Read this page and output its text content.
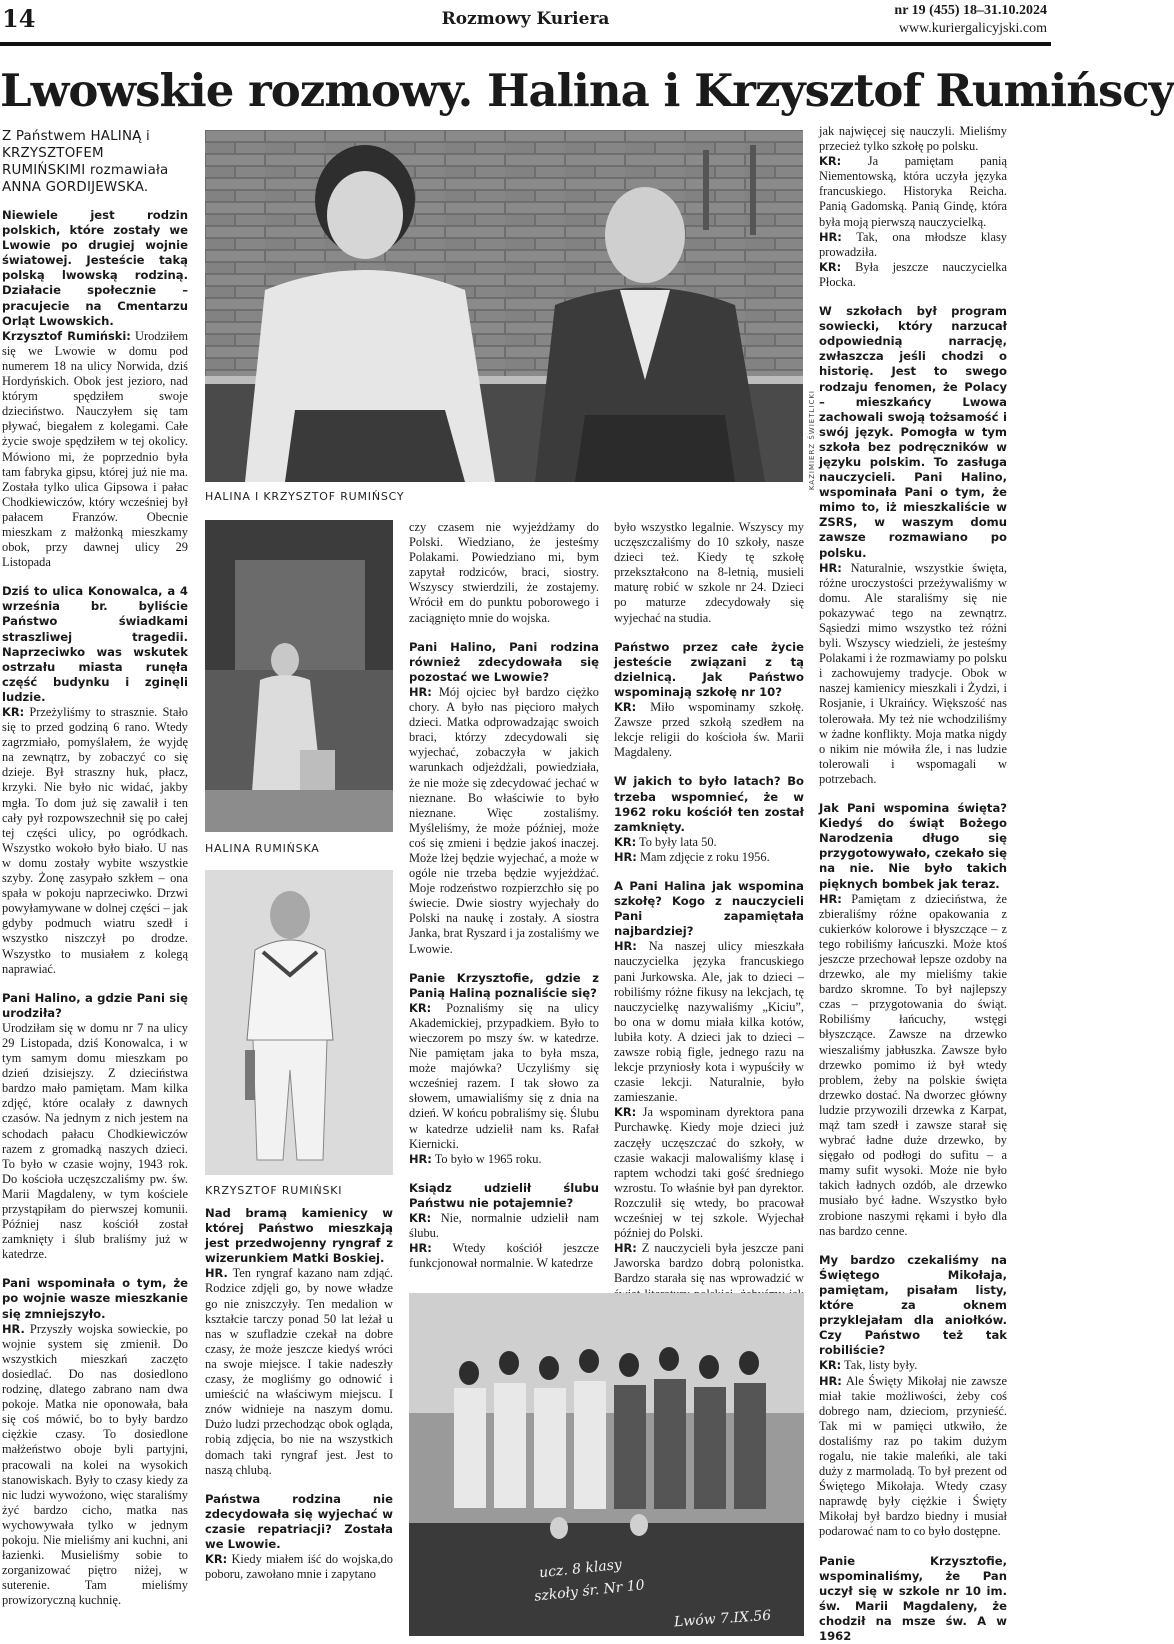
14	Rozmowy Kuriera	nr 19 (455) 18–31.10.2024
www.kuriergalicyjski.com
Lwowskie rozmowy. Halina i Krzysztof Rumińscy
Z Państwem HALINĄ i KRZYSZTOFEM RUMIŃSKIMI rozmawiała ANNA GORDIJEWSKA.

Niewiele jest rodzin polskich, które zostały we Lwowie po drugiej wojnie światowej. Jesteście taką polską lwowską rodziną. Działacie społecznie – pracujecie na Cmentarzu Orląt Lwowskich.

Krzysztof Rumiński: Urodziłem się we Lwowie w domu pod numerem 18 na ulicy Norwida, dziś Hordyńskich. Obok jest jezioro, nad którym spędziłem swoje dzieciństwo. Nauczyłem się tam pływać, biegałem z kolegami. Całe życie swoje spędziłem w tej okolicy. Mówiono mi, że poprzednio była tam fabryka gipsu, której już nie ma. Została tylko ulica Gipsowa i pałac Chodkiewiczów, który wcześniej był pałacem Franzów. Obecnie mieszkam z małżonką mieszkamy obok, przy dawnej ulicy 29 Listopada

Dziś to ulica Konowalca, a 4 września br. byliście Państwo świadkami straszliwej tragedii. Naprzeciwko was wskutek ostrzału miasta runęła część budynku i zginęli ludzie.

KR: Przeżyliśmy to strasznie. Stało się to przed godziną 6 rano. Wtedy zagrzmiało, pomyślałem, że wyjdę na zewnątrz, by zobaczyć co się dzieje. Był straszny huk, płacz, krzyki. Nie było nic widać, jakby mgła. To dom już się zawalił i ten cały pył rozpowszechnił się po całej tej części ulicy, po ogródkach. Wszystko wokoło było biało. U nas w domu zostały wybite wszystkie szyby. Żonę zasypało szkłem – ona spała w pokoju naprzeciwko. Drzwi powyłamywane w dolnej części – jak gdyby podmuch wiatru szedł i wszystko niszczył po drodze. Wszystko to musiałem z kolegą naprawiać.

Pani Halino, a gdzie Pani się urodziła?

Urodziłam się w domu nr 7 na ulicy 29 Listopada, dziś Konowalca, i w tym samym domu mieszkam po dzień dzisiejszy. Z dzieciństwa bardzo mało pamiętam. Mam kilka zdjęć, które ocalały z dawnych czasów. Na jednym z nich jestem na schodach pałacu Chodkiewiczów razem z gromadką naszych dzieci. To było w czasie wojny, 1943 rok. Do kościoła uczęszczaliśmy pw. św. Marii Magdaleny, w tym kościele przystąpiłam do pierwszej komunii. Później nasz kościół został zamknięty i ślub braliśmy już w katedrze.

Pani wspominała o tym, że po wojnie wasze mieszkanie się zmniejszyło.

HR. Przyszły wojska sowieckie, po wojnie system się zmienił. Do wszystkich mieszkań zaczęto dosiedlać. Do nas dosiedlono rodzinę, dlatego zabrano nam dwa pokoje. Matka nie oponowała, bała się coś mówić, bo to były bardzo ciężkie czasy. To dosiedlone małżeństwo oboje byli partyjni, pracowali na kolei na wysokich stanowiskach. Były to czasy kiedy za nic ludzi wywożono, więc staraliśmy żyć bardzo cicho, matka nas wychowywała tylko w jednym pokoju. Nie mieliśmy ani kuchni, ani łazienki. Musieliśmy sobie to zorganizować piętro niżej, w suterenie. Tam mieliśmy prowizoryczną kuchnię.

KAZIMIERZ ŚWIETLICKI
HALINA I KRZYSZTOF RUMIŃSCY
HALINA RUMIŃSKA
KRZYSZTOF RUMIŃSKI

Nad bramą kamienicy w której Państwo mieszkają jest przedwojenny ryngraf z wizerunkiem Matki Boskiej.

HR. Ten ryngraf kazano nam zdjąć. Rodzice zdjęli go, by nowe władze go nie zniszczyły. Ten medalion w kształcie tarczy ponad 50 lat leżał u nas w szufladzie czekał na dobre czasy, że może jeszcze kiedyś wróci na swoje miejsce. I takie nadeszły czasy, że mogliśmy go odnowić i umieścić na właściwym miejscu. I znów widnieje na naszym domu. Dużo ludzi przechodząc obok ogląda, robią zdjęcia, bo nie na wszystkich domach taki ryngraf jest. Jest to naszą chlubą.

Państwa rodzina nie zdecydowała się wyjechać w czasie repatriacji? Została we Lwowie.

KR: Kiedy miałem iść do wojska,do poboru, zawołano mnie i zapytano

czy czasem nie wyjeżdżamy do Polski. Wiedziano, że jesteśmy Polakami. Powiedziano mi, bym zapytał rodziców, braci, siostry. Wszyscy stwierdzili, że zostajemy. Wrócił em do punktu poborowego i zaciągnięto mnie do wojska.

Pani Halino, Pani rodzina również zdecydowała się pozostać we Lwowie?

HR: Mój ojciec był bardzo ciężko chory. A było nas pięcioro małych dzieci. Matka odprowadzając swoich braci, którzy zdecydowali się wyjechać, zobaczyła w jakich warunkach odjeżdżali, powiedziała, że nie może się zdecydować jechać w nieznane. Bo właściwie to było nieznane. Więc zostaliśmy. Myśleliśmy, że może później, może coś się zmieni i będzie jakoś inaczej. Może lżej będzie wyjechać, a może w ogóle nie trzeba będzie wyjeżdżać. Moje rodzeństwo rozpierzchło się po świecie. Dwie siostry wyjechały do Polski na naukę i zostały. A siostra Janka, brat Ryszard i ja zostaliśmy we Lwowie.

Panie Krzysztofie, gdzie z Panią Haliną poznaliście się?

KR: Poznaliśmy się na ulicy Akademickiej, przypadkiem. Było to wieczorem po mszy św. w katedrze. Nie pamiętam jaka to była msza, może majówka? Uczyliśmy się wcześniej razem. I tak słowo za słowem, umawialiśmy się z dnia na dzień. W końcu pobraliśmy się. Ślubu w katedrze udzielił nam ks. Rafał Kiernicki.

HR: To było w 1965 roku.

Ksiądz udzielił ślubu Państwu nie potajemnie?

KR: Nie, normalnie udzielił nam ślubu.

HR: Wtedy kościół jeszcze funkcjonował normalnie. W katedrze

było wszystko legalnie. Wszyscy my uczęszczaliśmy do 10 szkoły, nasze dzieci też. Kiedy tę szkołę przekształcono na 8-letnią, musieli maturę robić w szkole nr 24. Dzieci po maturze zdecydowały się wyjechać na studia.

Państwo przez całe życie jesteście związani z tą dzielnicą. Jak Państwo wspominają szkołę nr 10?

KR: Miło wspominamy szkołę. Zawsze przed szkołą szedłem na lekcje religii do kościoła św. Marii Magdaleny.

W jakich to było latach? Bo trzeba wspomnieć, że w 1962 roku kościół ten został zamknięty.

KR: To były lata 50.

HR: Mam zdjęcie z roku 1956.

A Pani Halina jak wspomina szkołę? Kogo z nauczycieli Pani zapamiętała najbardziej?

HR: Na naszej ulicy mieszkała nauczycielka języka francuskiego pani Jurkowska. Ale, jak to dzieci – robiliśmy różne fikusy na lekcjach, tę nauczycielkę nazywaliśmy „Kiciu”, bo ona w domu miała kilka kotów, lubiła koty. A dzieci jak to dzieci – zawsze robią figle, jednego razu na lekcje przyniosły kota i wypuściły w czasie lekcji. Naturalnie, było zamieszanie.

KR: Ja wspominam dyrektora pana Purchawkę. Kiedy moje dzieci już zaczęły uczęszczać do szkoły, w czasie wakacji malowaliśmy klasę i raptem wchodzi taki gość średniego wzrostu. To właśnie był pan dyrektor. Rozczulił się wtedy, bo pracował wcześniej w tej szkole. Wyjechał później do Polski.

HR: Z nauczycieli była jeszcze pani Jaworska bardzo dobrą polonistka. Bardzo starała się nas wprowadzić w

ucz. 8 klasy
szkoły śr. Nr 10
Lwów 7.IX.56

jak najwięcej się nauczyli. Mieliśmy przecież tylko szkołę po polsku.

KR: Ja pamiętam panią Niementowską, która uczyła języka francuskiego. Historyka Reicha. Panią Gadomską. Panią Gindę, która była moją pierwszą nauczycielką.

HR: Tak, ona młodsze klasy prowadziła.

KR: Była jeszcze nauczycielka Płocka.

W szkołach był program sowiecki, który narzucał odpowiednią narrację, zwłaszcza jeśli chodzi o historię. Jest to swego rodzaju fenomen, że Polacy – mieszkańcy Lwowa zachowali swoją tożsamość i swój język. Pomogła w tym szkoła bez podręczników w języku polskim. To zasługa nauczycieli. Pani Halino, wspominała Pani o tym, że mimo to, iż mieszkaliście w ZSRS, w waszym domu zawsze rozmawiano po polsku.

HR: Naturalnie, wszystkie święta, różne uroczystości przeżywaliśmy w domu. Ale staraliśmy się nie pokazywać tego na zewnątrz. Sąsiedzi mimo wszystko też różni byli. Wszyscy wiedzieli, że jesteśmy Polakami i że rozmawiamy po polsku i zachowujemy tradycje. Obok w naszej kamienicy mieszkali i Żydzi, i Rosjanie, i Ukraińcy. Większość nas tolerowała. My też nie wchodziliśmy w żadne konflikty. Moja matka nigdy o nikim nie mówiła źle, i nas ludzie tolerowali i wspomagali w potrzebach.

Jak Pani wspomina święta? Kiedyś do świąt Bożego Narodzenia długo się przygotowywało, czekało się na nie. Nie było takich pięknych bombek jak teraz.

HR: Pamiętam z dzieciństwa, że zbieraliśmy różne opakowania z cukierków kolorowe i błyszczące – z tego robiliśmy łańcuszki. Może ktoś jeszcze przechował lepsze ozdoby na drzewko, ale my mieliśmy takie bardzo skromne. To był najlepszy czas – przygotowania do świąt. Robiliśmy łańcuchy, wstęgi błyszczące. Zawsze na drzewko wieszaliśmy jabłuszka. Zawsze było drzewko pomimo iż był wtedy problem, żeby na polskie święta drzewko dostać. Na dworzec główny ludzie przywozili drzewka z Karpat, mąż tam szedł i zawsze starał się wybrać ładne duże drzewko, by sięgało od podłogi do sufitu – a mamy sufit wysoki. Może nie było takich ładnych ozdób, ale drzewko musiało być ładne. Wszystko było zrobione naszymi rękami i było dla nas bardzo cenne.

My bardzo czekaliśmy na Świętego Mikołaja, pamiętam, pisałam listy, które za oknem przyklejałam dla aniołków. Czy Państwo też tak robiliście?

KR: Tak, listy były.

HR: Ale Święty Mikołaj nie zawsze miał takie możliwości, żeby coś dobrego nam, dzieciom, przynieść. Tak mi w pamięci utkwiło, że dostaliśmy raz po takim dużym rogalu, nie takie maleńki, ale taki duży z marmoladą. To był prezent od Świętego Mikołaja. Wtedy czasy naprawdę były ciężkie i Święty Mikołaj był bardzo biedny i musiał podarować nam to co było dostępne.

Panie Krzysztofie, wspominaliśmy, że Pan uczył się w szkole nr 10 im. św. Marii Magdaleny, że chodził na msze św. A w 1962
